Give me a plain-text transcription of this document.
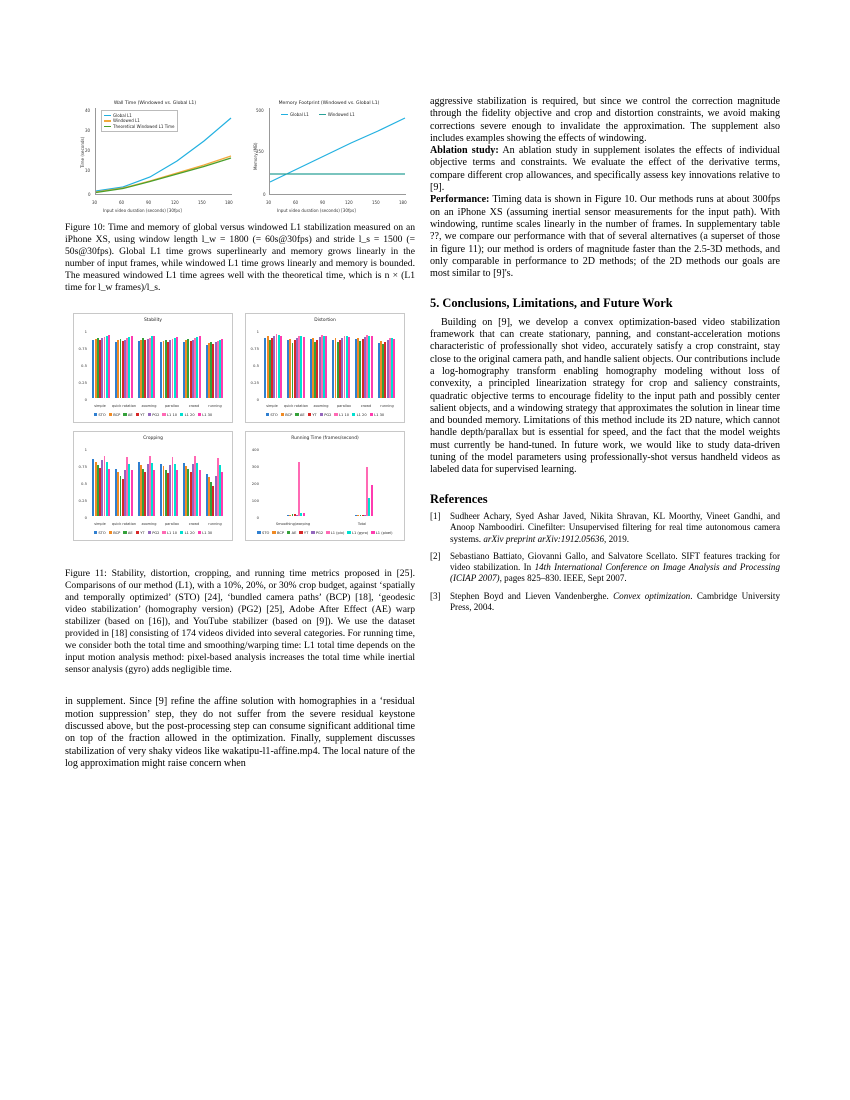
Wall Time (Windowed vs. Global L1)
40
30
20
10
0
30	60	90	120	150	180
Time (seconds)
Input video duration (seconds) [30fps]
Global L1
Windowed L1
Theoretical Windowed L1 Time
Memory Footprint (Windowed vs. Global L1)
500
250
0
30	60	90	120	150	180
Memory (MB)
Input video duration (seconds) [30fps]
Global L1	Windowed L1
Figure 10: Time and memory of global versus windowed L1 stabilization measured on an iPhone XS, using window length l_w = 1800 (= 60s@30fps) and stride l_s = 1500 (= 50s@30fps). Global L1 time grows superlinearly and memory grows linearly in the number of input frames, while windowed L1 time grows linearly and memory is bounded. The measured windowed L1 time agrees well with the theoretical time, which is n × (L1 time for l_w frames)/l_s.
Stability
1
0.75
0.5
0.25
0
simple	quick rotation	zooming	parallax	crowd	running
STO BCP AE YT PG2 L1 10 L1 20 L1 30
Distortion
1
0.75
0.5
0.25
0
simple	quick rotation	zooming	parallax	crowd	running
STO BCP AE YT PG2 L1 10 L1 20 L1 30
Cropping
1
0.75
0.5
0.25
0
simple	quick rotation	zooming	parallax	crowd	running
STO BCP AE YT PG2 L1 10 L1 20 L1 30
Running Time (frames/second)
400
300
200
100
0
Smoothing/warping	Total
STO BCP AE YT PG2 L1 (pix) L1 (gyro) L1 (pixel)
Figure 11: Stability, distortion, cropping, and running time metrics proposed in [25]. Comparisons of our method (L1), with a 10%, 20%, or 30% crop budget, against ‘spatially and temporally optimized’ (STO) [24], ‘bundled camera paths’ (BCP) [18], ‘geodesic video stabilization’ (homography version) (PG2) [25], Adobe After Effect (AE) warp stabilizer (based on [16]), and YouTube stabilizer (based on [9]). We use the dataset provided in [18] consisting of 174 videos divided into several categories. For running time, we consider both the total time and smoothing/warping time: L1 total time depends on the input motion analysis method: pixel-based analysis increases the total time while inertial sensor analysis (gyro) adds negligible time.

in supplement. Since [9] refine the affine solution with homographies in a ‘residual motion suppression’ step, they do not suffer from the severe residual keystone discussed above, but the post-processing step can consume significant additional time on top of the fraction allowed in the optimization. Finally, supplement discusses stabilization of very shaky videos like wakatipu-l1-affine.mp4. The local nature of the log approximation might raise concern when

aggressive stabilization is required, but since we control the correction magnitude through the fidelity objective and crop and distortion constraints, we avoid making corrections severe enough to invalidate the approximation. The supplement also includes examples showing the effects of windowing.

Ablation study: An ablation study in supplement isolates the effects of individual objective terms and constraints. We evaluate the effect of the derivative terms, compare different crop allowances, and specifically assess key innovations relative to [9].

Performance: Timing data is shown in Figure 10. Our methods runs at about 300fps on an iPhone XS (assuming inertial sensor measurements for the input path). With windowing, runtime scales linearly in the number of frames. In supplementary table ??, we compare our performance with that of several alternatives (a superset of those in figure 11); our method is orders of magnitude faster than the 2.5-3D methods, and only comparable in performance to 2D methods; of the 2D methods our goals are most similar to [9]'s.

5. Conclusions, Limitations, and Future Work

Building on [9], we develop a convex optimization-based video stabilization framework that can create stationary, panning, and constant-acceleration motions characteristic of professionally shot video, accurately satisfy a crop constraint, stay close to the original camera path, and handle salient objects. Our contributions include a log-homography transform enabling homography modeling without loss of convexity, a principled linearization strategy for crop and saliency constraints, quadratic objective terms to encourage fidelity to the input path and possibly center salient objects, and a windowing strategy that approximates the solution in linear time and bounded memory. Limitations of this method include its 2D nature, which cannot handle depth/parallax but is essential for speed, and the fact that the model weights must currently be hand-tuned. In future work, we would like to study data-driven tuning of the model parameters using professionally-shot versus handheld videos as labeled data for supervised learning.

References
[1]	Sudheer Achary, Syed Ashar Javed, Nikita Shravan, KL Moorthy, Vineet Gandhi, and Anoop Namboodiri. Cinefilter: Unsupervised filtering for real time autonomous camera systems. arXiv preprint arXiv:1912.05636, 2019.
[2]	Sebastiano Battiato, Giovanni Gallo, and Salvatore Scellato. SIFT features tracking for video stabilization. In 14th International Conference on Image Analysis and Processing (ICIAP 2007), pages 825–830. IEEE, Sept 2007.
[3]	Stephen Boyd and Lieven Vandenberghe. Convex optimization. Cambridge University Press, 2004.
